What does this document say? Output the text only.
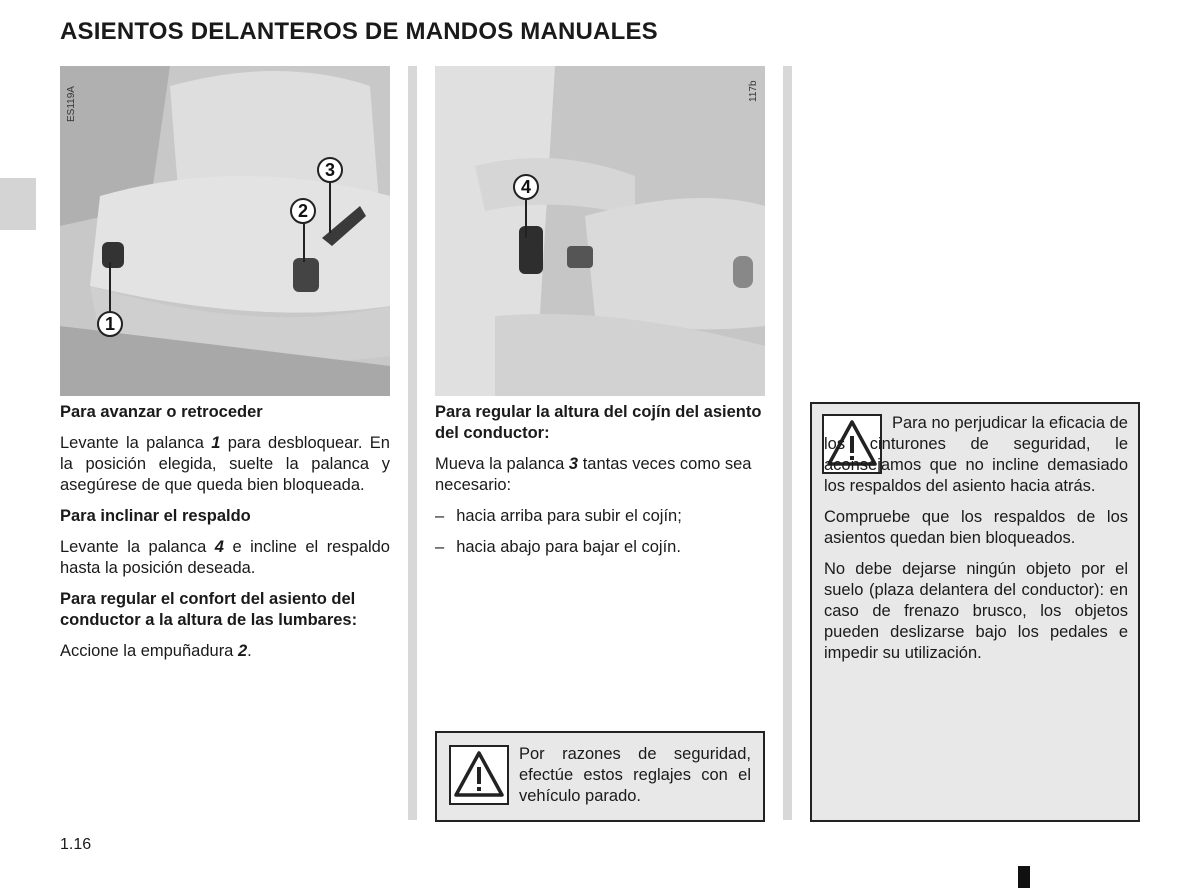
ASIENTOS DELANTEROS DE MANDOS MANUALES
ES119A
1
2
3
117b
4

Para avanzar o retroceder

Levante la palanca 1 para desbloquear. En la posición elegida, suelte la palanca y asegúrese de que queda bien bloqueada.

Para inclinar el respaldo

Levante la palanca 4 e incline el respaldo hasta la posición deseada.

Para regular el confort del asiento del conductor a la altura de las lumbares:

Accione la empuñadura 2.

Para regular la altura del cojín del asiento del conductor:

Mueva la palanca 3 tantas veces como sea necesario:

– hacia arriba para subir el cojín;
– hacia abajo para bajar el cojín.
Por razones de seguridad, efectúe estos reglajes con el vehículo parado.

Para no perjudicar la eficacia de los cinturones de seguridad, le aconsejamos que no incline demasiado los respaldos del asiento hacia atrás.

Compruebe que los respaldos de los asientos quedan bien bloqueados.

No debe dejarse ningún objeto por el suelo (plaza delantera del conductor): en caso de frenazo brusco, los objetos pueden deslizarse bajo los pedales e impedir su utilización.

1.16
